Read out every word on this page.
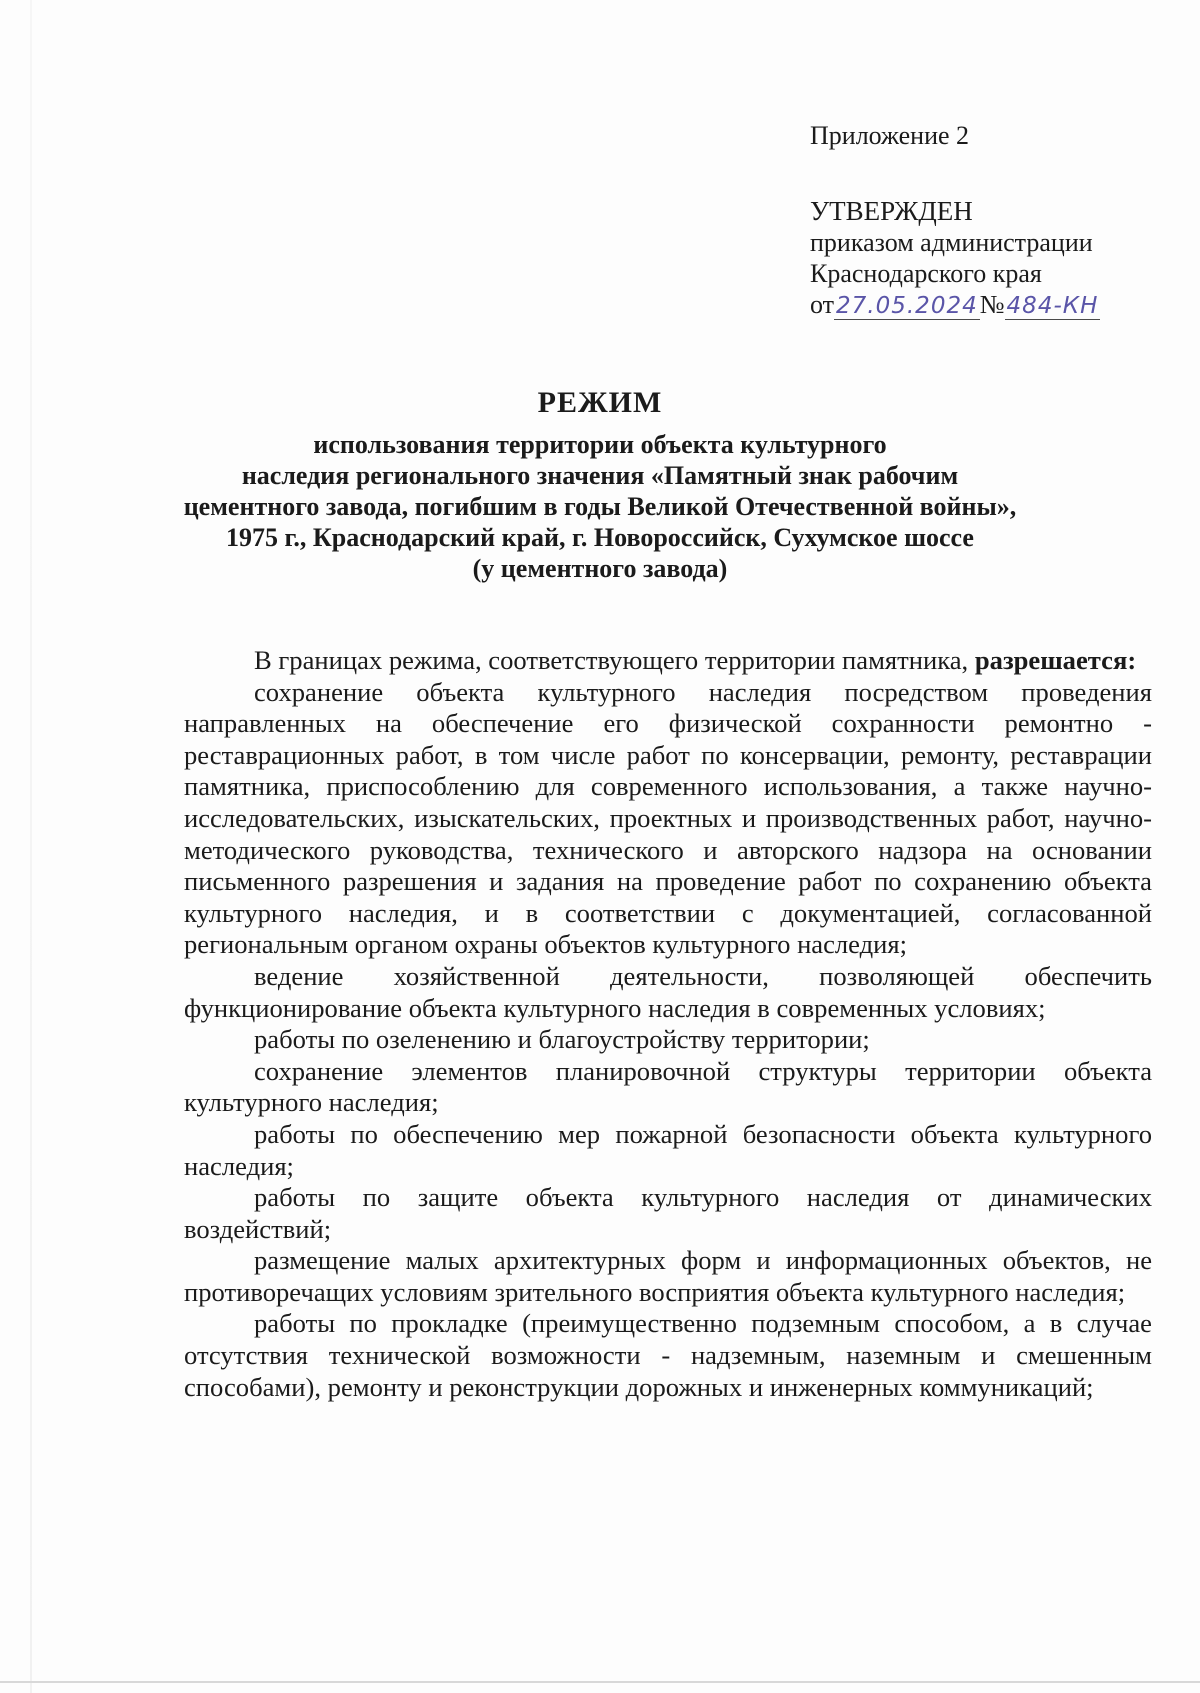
Приложение 2
УТВЕРЖДЕН
приказом администрации
Краснодарского края
от27.05.2024№484-КН
РЕЖИМ
использования территории объекта культурного
наследия регионального значения «Памятный знак рабочим
цементного завода, погибшим в годы Великой Отечественной войны»,
1975 г., Краснодарский край, г. Новороссийск, Сухумское шоссе
(у цементного завода)

В границах режима, соответствующего территории памятника, разрешается:

сохранение объекта культурного наследия посредством проведения направленных на обеспечение его физической сохранности ремонтно - реставрационных работ, в том числе работ по консервации, ремонту, реставрации памятника, приспособлению для современного использования, а также научно-исследовательских, изыскательских, проектных и производственных работ, научно-методического руководства, технического и авторского надзора на основании письменного разрешения и задания на проведение работ по сохранению объекта культурного наследия, и в соответствии с документацией, согласованной региональным органом охраны объектов культурного наследия;

ведение хозяйственной деятельности, позволяющей обеспечить функционирование объекта культурного наследия в современных условиях;

работы по озеленению и благоустройству территории;

сохранение элементов планировочной структуры территории объекта культурного наследия;

работы по обеспечению мер пожарной безопасности объекта культурного наследия;

работы по защите объекта культурного наследия от динамических воздействий;

размещение малых архитектурных форм и информационных объектов, не противоречащих условиям зрительного восприятия объекта культурного наследия;

работы по прокладке (преимущественно подземным способом, а в случае отсутствия технической возможности - надземным, наземным и смешенным способами), ремонту и реконструкции дорожных и инженерных коммуникаций;
